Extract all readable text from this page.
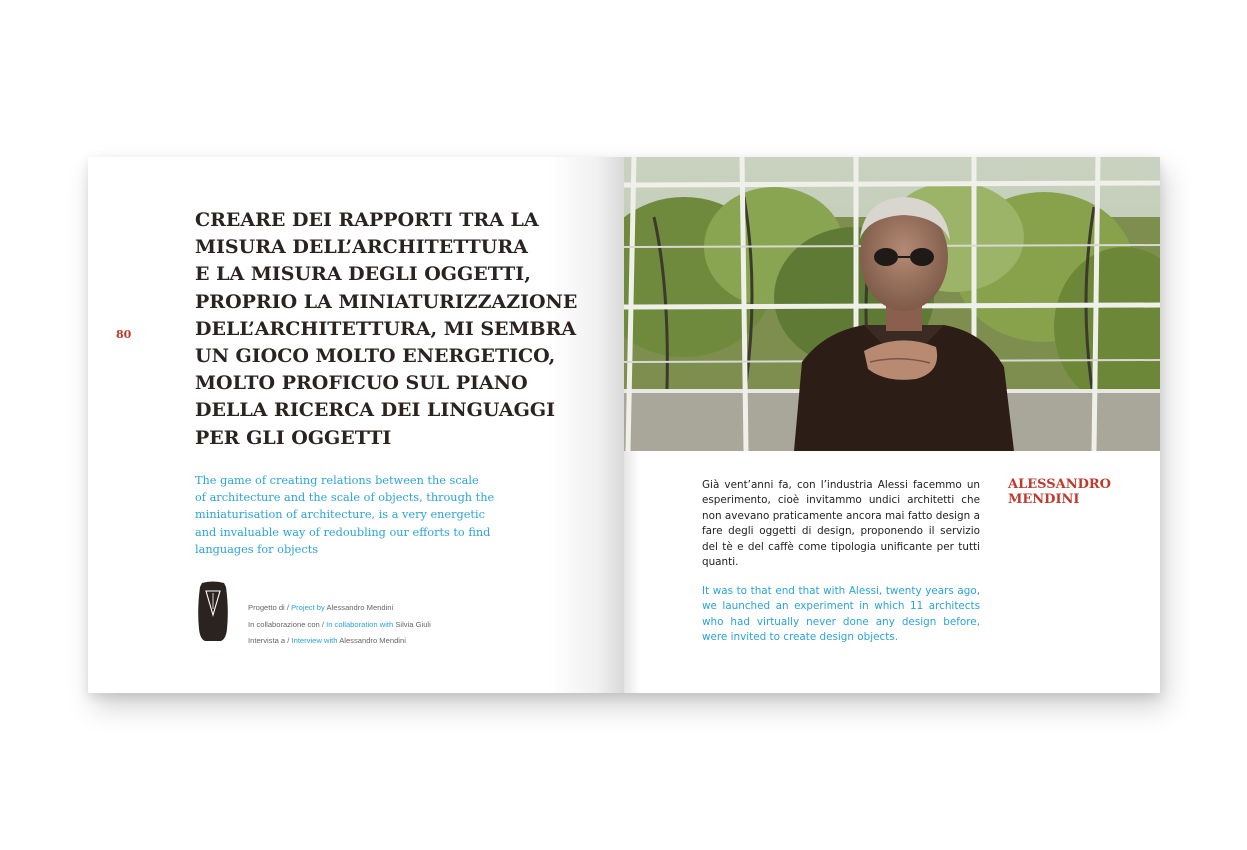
80
CREARE DEI RAPPORTI TRA LA
MISURA DELL’ARCHITETTURA
E LA MISURA DEGLI OGGETTI,
PROPRIO LA MINIATURIZZAZIONE
DELL’ARCHITETTURA, MI SEMBRA
UN GIOCO MOLTO ENERGETICO,
MOLTO PROFICUO SUL PIANO
DELLA RICERCA DEI LINGUAGGI
PER GLI OGGETTI

The game of creating relations between the scale
of architecture and the scale of objects, through the
miniaturisation of architecture, is a very energetic
and invaluable way of redoubling our efforts to find
languages for objects

Progetto di / Project by Alessandro Mendini
In collaborazione con / In collaboration with Silvia Giuli
Intervista a / Interview with Alessandro Mendini

Già vent’anni fa, con l’industria Alessi facemmo un esperimento, cioè invitammo undici architetti che non avevano praticamente ancora mai fatto design a fare degli oggetti di design, proponendo il servizio del tè e del caffè come tipologia unificante per tutti quanti.

It was to that end that with Alessi, twenty years ago, we launched an experiment in which 11 architects who had virtually never done any design before, were invited to create design objects.

ALESSANDRO
MENDINI
